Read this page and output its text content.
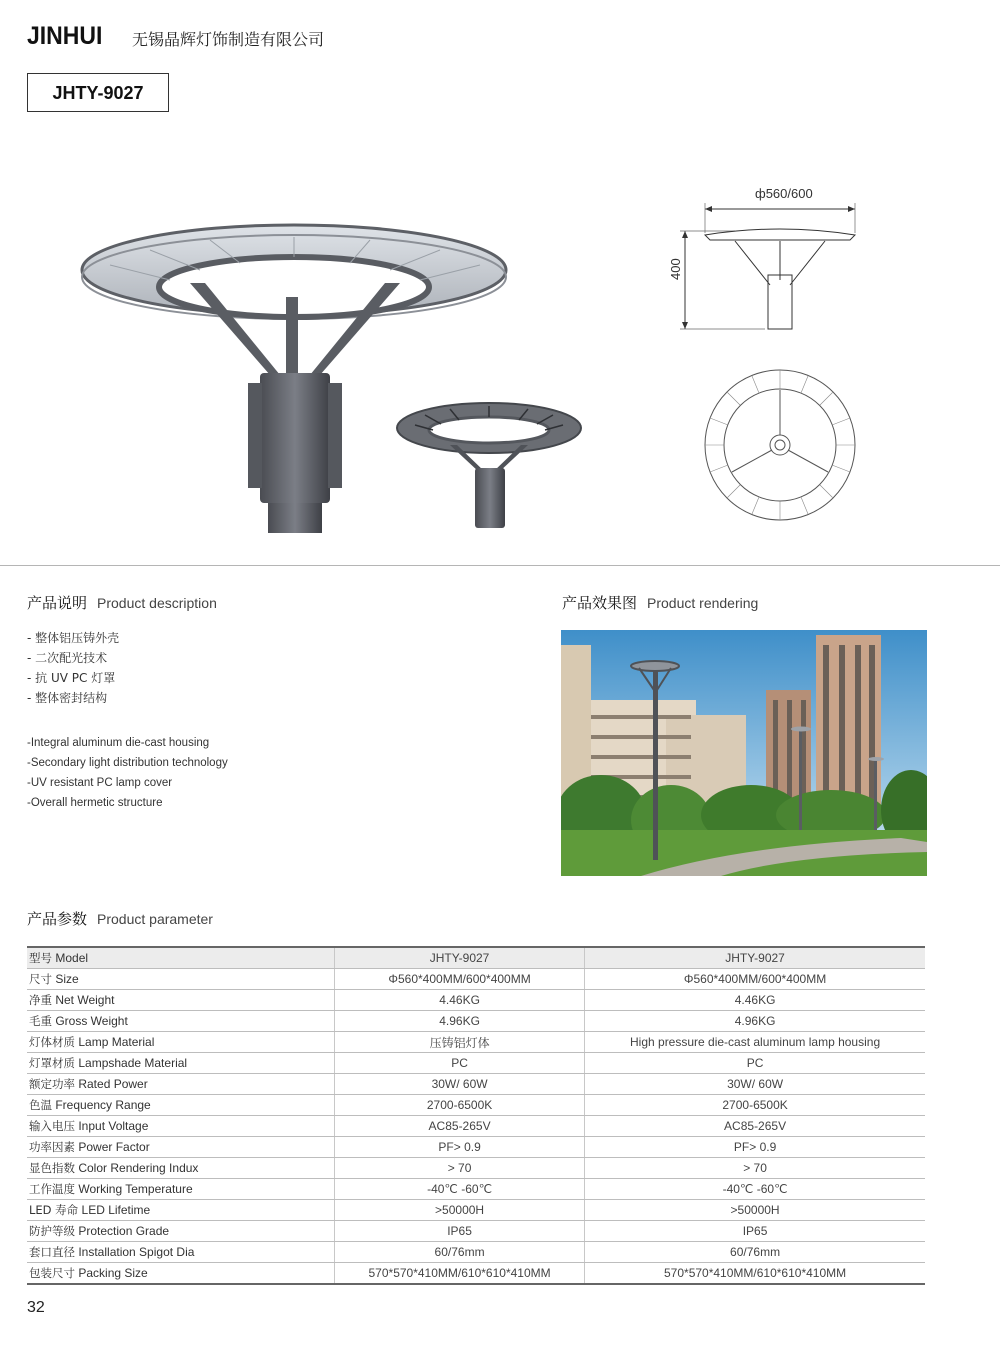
JINHUI 无锡晶辉灯饰制造有限公司
JHTY-9027
ф560/600
400
产品说明 Product description
- 整体铝压铸外壳
- 二次配光技术
- 抗 UV PC 灯罩
- 整体密封结构
-Integral aluminum die-cast housing
-Secondary light distribution technology
-UV resistant PC lamp cover
-Overall hermetic structure
产品效果图 Product rendering
产品参数 Product parameter
型号 Model	JHTY-9027	JHTY-9027
尺寸 Size	Φ560*400MM/600*400MM	Φ560*400MM/600*400MM
净重 Net Weight	4.46KG	4.46KG
毛重 Gross Weight	4.96KG	4.96KG
灯体材质 Lamp Material	压铸铝灯体	High pressure die-cast aluminum lamp housing
灯罩材质 Lampshade Material	PC	PC
额定功率 Rated Power	30W/ 60W	30W/ 60W
色温 Frequency Range	2700-6500K	2700-6500K
输入电压 Input Voltage	AC85-265V	AC85-265V
功率因素 Power Factor	PF> 0.9	PF> 0.9
显色指数 Color Rendering Indux	> 70	> 70
工作温度 Working Temperature	-40℃ -60℃	-40℃ -60℃
LED 寿命 LED Lifetime	>50000H	>50000H
防护等级 Protection Grade	IP65	IP65
套口直径 Installation Spigot Dia	60/76mm	60/76mm
包装尺寸 Packing Size	570*570*410MM/610*610*410MM	570*570*410MM/610*610*410MM
32
